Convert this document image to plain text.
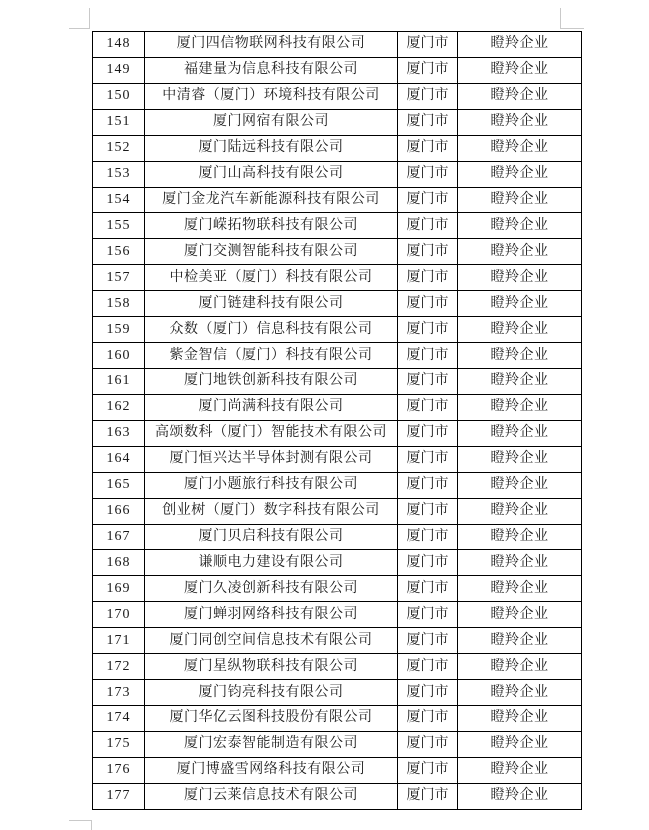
148	厦门四信物联网科技有限公司	厦门市	瞪羚企业
149	福建量为信息科技有限公司	厦门市	瞪羚企业
150	中清睿（厦门）环境科技有限公司	厦门市	瞪羚企业
151	厦门网宿有限公司	厦门市	瞪羚企业
152	厦门陆远科技有限公司	厦门市	瞪羚企业
153	厦门山高科技有限公司	厦门市	瞪羚企业
154	厦门金龙汽车新能源科技有限公司	厦门市	瞪羚企业
155	厦门嵘拓物联科技有限公司	厦门市	瞪羚企业
156	厦门交测智能科技有限公司	厦门市	瞪羚企业
157	中检美亚（厦门）科技有限公司	厦门市	瞪羚企业
158	厦门链建科技有限公司	厦门市	瞪羚企业
159	众数（厦门）信息科技有限公司	厦门市	瞪羚企业
160	紫金智信（厦门）科技有限公司	厦门市	瞪羚企业
161	厦门地铁创新科技有限公司	厦门市	瞪羚企业
162	厦门尚满科技有限公司	厦门市	瞪羚企业
163	高颂数科（厦门）智能技术有限公司	厦门市	瞪羚企业
164	厦门恒兴达半导体封测有限公司	厦门市	瞪羚企业
165	厦门小题旅行科技有限公司	厦门市	瞪羚企业
166	创业树（厦门）数字科技有限公司	厦门市	瞪羚企业
167	厦门贝启科技有限公司	厦门市	瞪羚企业
168	谦顺电力建设有限公司	厦门市	瞪羚企业
169	厦门久凌创新科技有限公司	厦门市	瞪羚企业
170	厦门蝉羽网络科技有限公司	厦门市	瞪羚企业
171	厦门同创空间信息技术有限公司	厦门市	瞪羚企业
172	厦门星纵物联科技有限公司	厦门市	瞪羚企业
173	厦门钧亮科技有限公司	厦门市	瞪羚企业
174	厦门华亿云图科技股份有限公司	厦门市	瞪羚企业
175	厦门宏泰智能制造有限公司	厦门市	瞪羚企业
176	厦门博盛雪网络科技有限公司	厦门市	瞪羚企业
177	厦门云莱信息技术有限公司	厦门市	瞪羚企业
